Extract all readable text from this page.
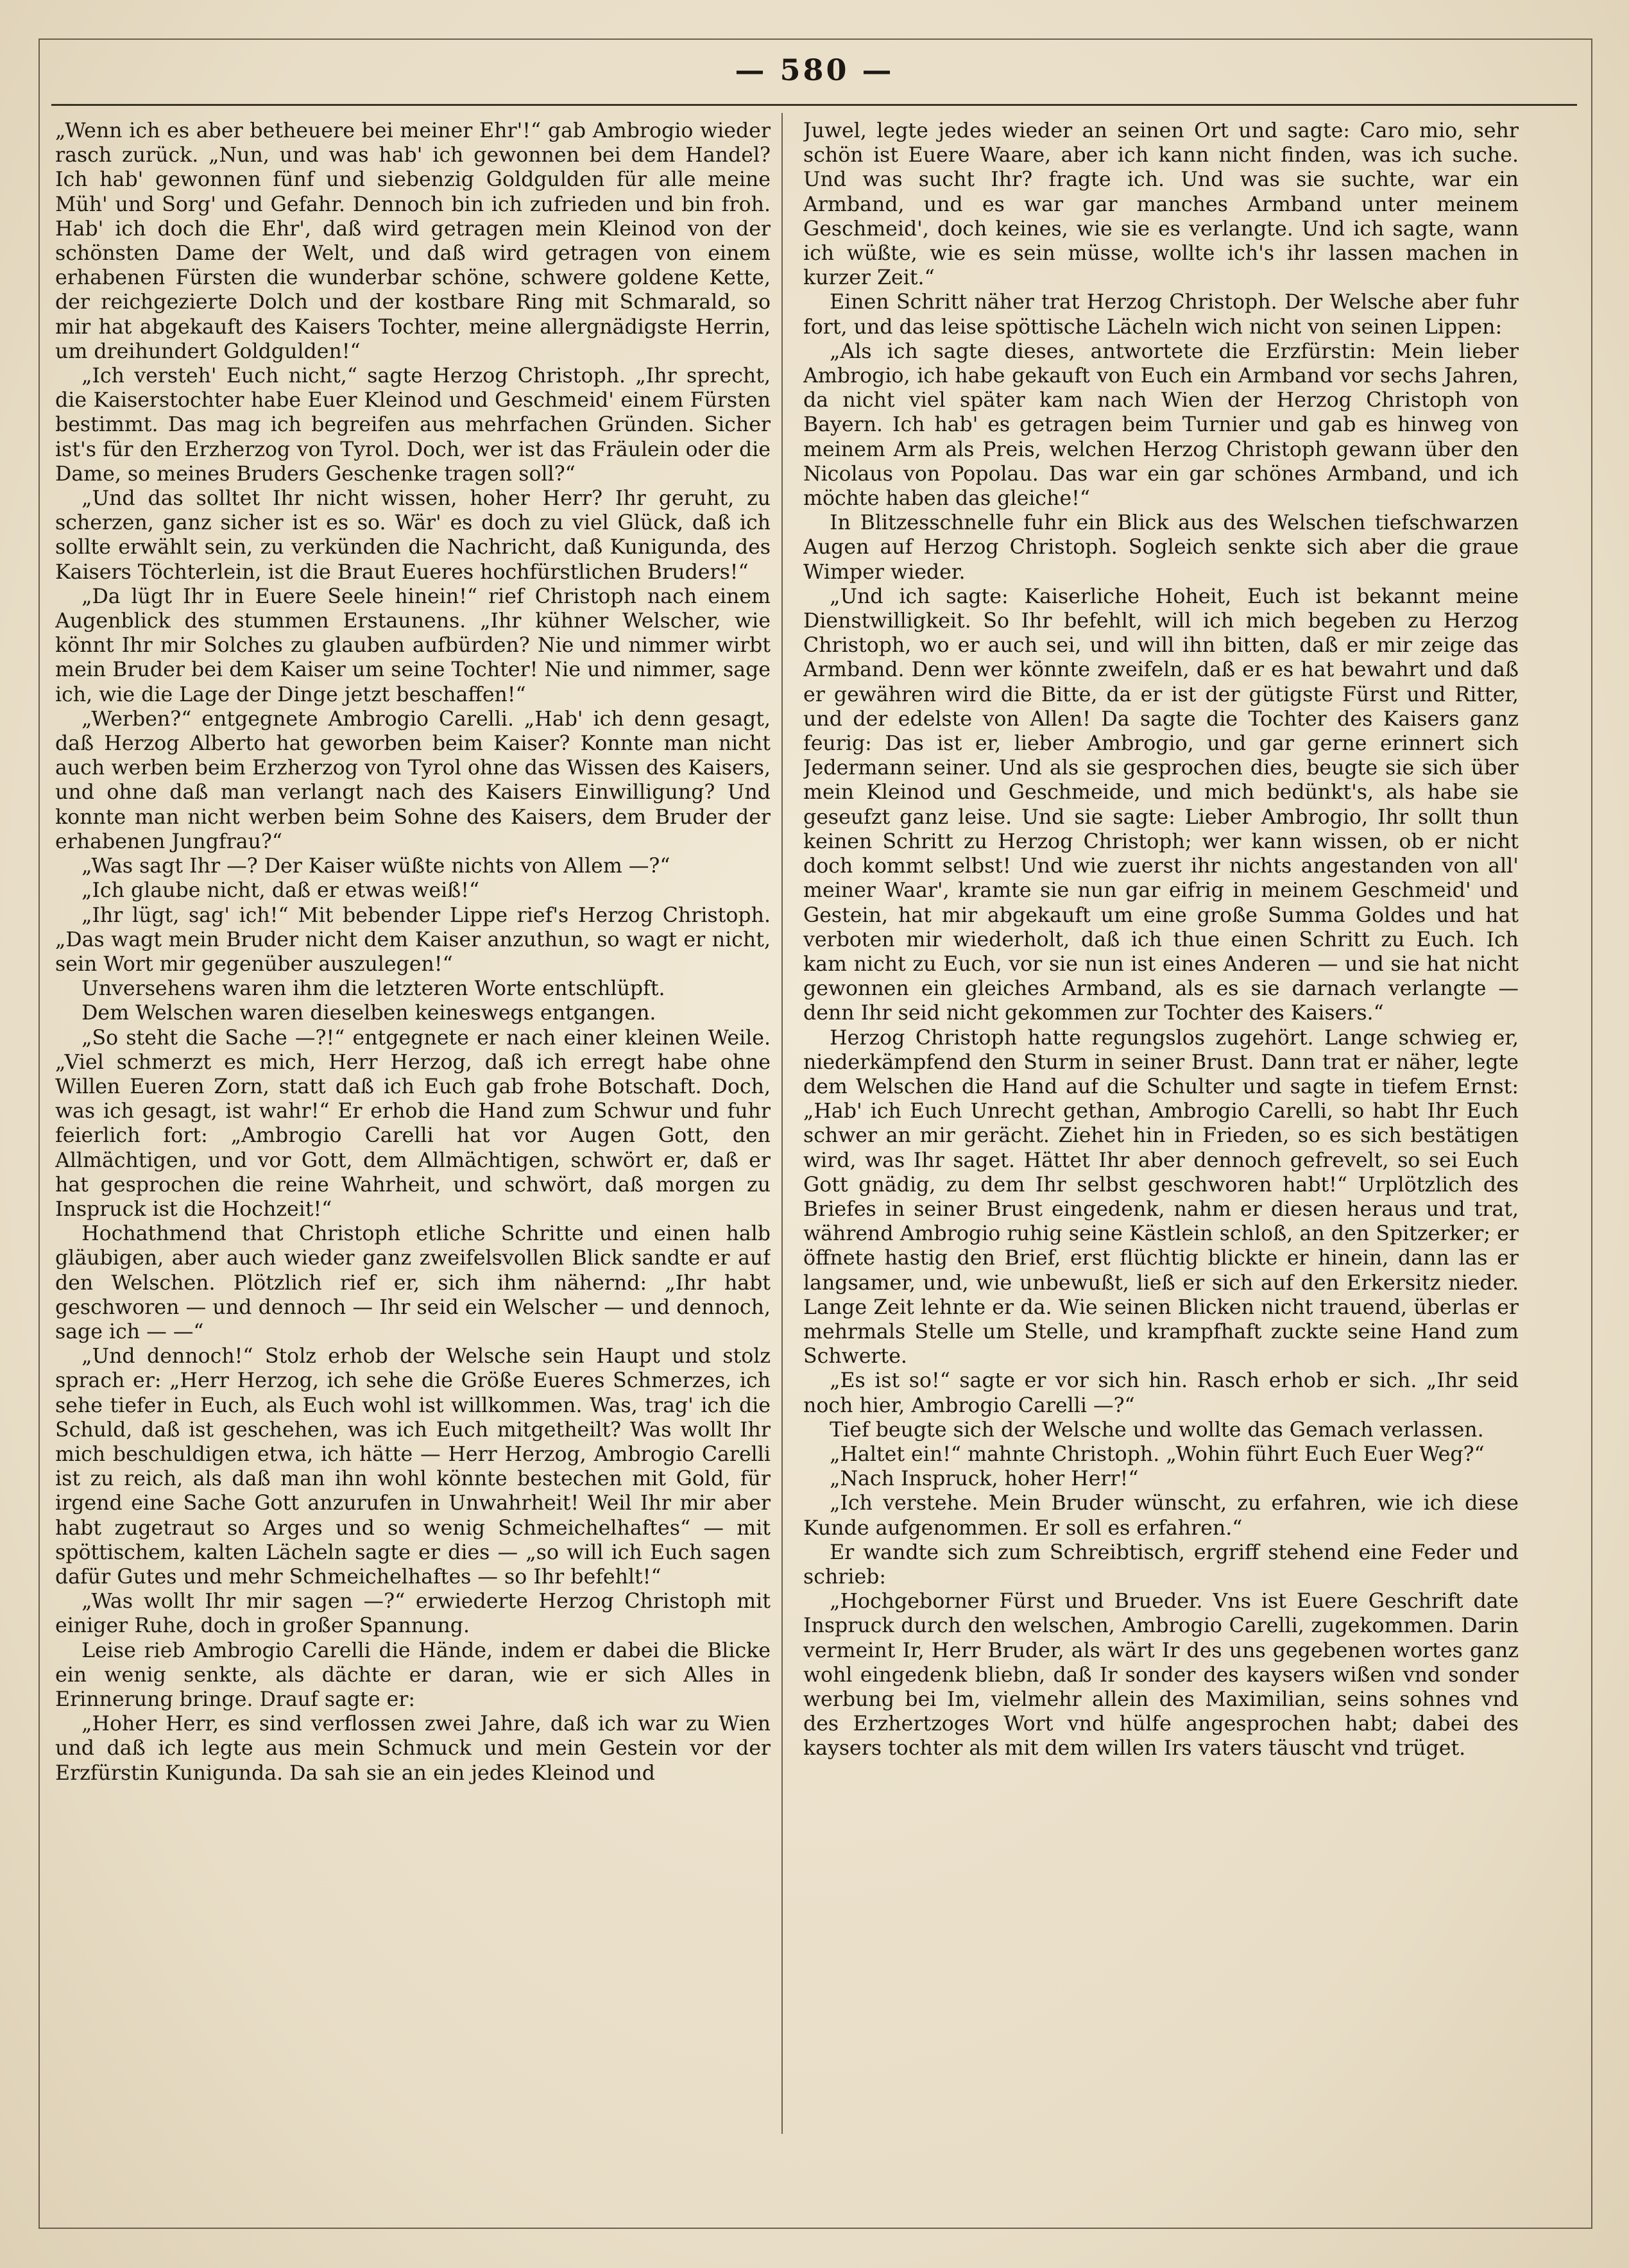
— 580 —

„Wenn ich es aber betheuere bei meiner Ehr'!“ gab Ambrogio wieder rasch zurück. „Nun, und was hab' ich gewonnen bei dem Handel? Ich hab' gewonnen fünf und siebenzig Goldgulden für alle meine Müh' und Sorg' und Gefahr. Dennoch bin ich zufrieden und bin froh. Hab' ich doch die Ehr', daß wird getragen mein Kleinod von der schönsten Dame der Welt, und daß wird getragen von einem erhabenen Fürsten die wunderbar schöne, schwere goldene Kette, der reichgezierte Dolch und der kostbare Ring mit Schmarald, so mir hat abgekauft des Kaisers Tochter, meine allergnädigste Herrin, um dreihundert Goldgulden!“

„Ich versteh' Euch nicht,“ sagte Herzog Christoph. „Ihr sprecht, die Kaiserstochter habe Euer Kleinod und Geschmeid' einem Fürsten bestimmt. Das mag ich begreifen aus mehrfachen Gründen. Sicher ist's für den Erzherzog von Tyrol. Doch, wer ist das Fräulein oder die Dame, so meines Bruders Geschenke tragen soll?“

„Und das solltet Ihr nicht wissen, hoher Herr? Ihr geruht, zu scherzen, ganz sicher ist es so. Wär' es doch zu viel Glück, daß ich sollte erwählt sein, zu verkünden die Nachricht, daß Kunigunda, des Kaisers Töchterlein, ist die Braut Eueres hochfürstlichen Bruders!“

„Da lügt Ihr in Euere Seele hinein!“ rief Christoph nach einem Augenblick des stummen Erstaunens. „Ihr kühner Welscher, wie könnt Ihr mir Solches zu glauben aufbürden? Nie und nimmer wirbt mein Bruder bei dem Kaiser um seine Tochter! Nie und nimmer, sage ich, wie die Lage der Dinge jetzt beschaffen!“

„Werben?“ entgegnete Ambrogio Carelli. „Hab' ich denn gesagt, daß Herzog Alberto hat geworben beim Kaiser? Konnte man nicht auch werben beim Erzherzog von Tyrol ohne das Wissen des Kaisers, und ohne daß man verlangt nach des Kaisers Einwilligung? Und konnte man nicht werben beim Sohne des Kaisers, dem Bruder der erhabenen Jungfrau?“

„Was sagt Ihr —? Der Kaiser wüßte nichts von Allem —?“

„Ich glaube nicht, daß er etwas weiß!“

„Ihr lügt, sag' ich!“ Mit bebender Lippe rief's Herzog Christoph. „Das wagt mein Bruder nicht dem Kaiser anzuthun, so wagt er nicht, sein Wort mir gegenüber auszulegen!“

Unversehens waren ihm die letzteren Worte entschlüpft.

Dem Welschen waren dieselben keineswegs entgangen.

„So steht die Sache —?!“ entgegnete er nach einer kleinen Weile. „Viel schmerzt es mich, Herr Herzog, daß ich erregt habe ohne Willen Eueren Zorn, statt daß ich Euch gab frohe Botschaft. Doch, was ich gesagt, ist wahr!“ Er erhob die Hand zum Schwur und fuhr feierlich fort: „Ambrogio Carelli hat vor Augen Gott, den Allmächtigen, und vor Gott, dem Allmächtigen, schwört er, daß er hat gesprochen die reine Wahrheit, und schwört, daß morgen zu Inspruck ist die Hochzeit!“

Hochathmend that Christoph etliche Schritte und einen halb gläubigen, aber auch wieder ganz zweifelsvollen Blick sandte er auf den Welschen. Plötzlich rief er, sich ihm nähernd: „Ihr habt geschworen — und dennoch — Ihr seid ein Welscher — und dennoch, sage ich — —“

„Und dennoch!“ Stolz erhob der Welsche sein Haupt und stolz sprach er: „Herr Herzog, ich sehe die Größe Eueres Schmerzes, ich sehe tiefer in Euch, als Euch wohl ist willkommen. Was, trag' ich die Schuld, daß ist geschehen, was ich Euch mitgetheilt? Was wollt Ihr mich beschuldigen etwa, ich hätte — Herr Herzog, Ambrogio Carelli ist zu reich, als daß man ihn wohl könnte bestechen mit Gold, für irgend eine Sache Gott anzurufen in Unwahrheit! Weil Ihr mir aber habt zugetraut so Arges und so wenig Schmeichelhaftes“ — mit spöttischem, kalten Lächeln sagte er dies — „so will ich Euch sagen dafür Gutes und mehr Schmeichelhaftes — so Ihr befehlt!“

„Was wollt Ihr mir sagen —?“ erwiederte Herzog Christoph mit einiger Ruhe, doch in großer Spannung.

Leise rieb Ambrogio Carelli die Hände, indem er dabei die Blicke ein wenig senkte, als dächte er daran, wie er sich Alles in Erinnerung bringe. Drauf sagte er:

„Hoher Herr, es sind verflossen zwei Jahre, daß ich war zu Wien und daß ich legte aus mein Schmuck und mein Gestein vor der Erzfürstin Kunigunda. Da sah sie an ein jedes Kleinod und

Juwel, legte jedes wieder an seinen Ort und sagte: Caro mio, sehr schön ist Euere Waare, aber ich kann nicht finden, was ich suche. Und was sucht Ihr? fragte ich. Und was sie suchte, war ein Armband, und es war gar manches Armband unter meinem Geschmeid', doch keines, wie sie es verlangte. Und ich sagte, wann ich wüßte, wie es sein müsse, wollte ich's ihr lassen machen in kurzer Zeit.“

Einen Schritt näher trat Herzog Christoph. Der Welsche aber fuhr fort, und das leise spöttische Lächeln wich nicht von seinen Lippen:

„Als ich sagte dieses, antwortete die Erzfürstin: Mein lieber Ambrogio, ich habe gekauft von Euch ein Armband vor sechs Jahren, da nicht viel später kam nach Wien der Herzog Christoph von Bayern. Ich hab' es getragen beim Turnier und gab es hinweg von meinem Arm als Preis, welchen Herzog Christoph gewann über den Nicolaus von Popolau. Das war ein gar schönes Armband, und ich möchte haben das gleiche!“

In Blitzesschnelle fuhr ein Blick aus des Welschen tiefschwarzen Augen auf Herzog Christoph. Sogleich senkte sich aber die graue Wimper wieder.

„Und ich sagte: Kaiserliche Hoheit, Euch ist bekannt meine Dienstwilligkeit. So Ihr befehlt, will ich mich begeben zu Herzog Christoph, wo er auch sei, und will ihn bitten, daß er mir zeige das Armband. Denn wer könnte zweifeln, daß er es hat bewahrt und daß er gewähren wird die Bitte, da er ist der gütigste Fürst und Ritter, und der edelste von Allen! Da sagte die Tochter des Kaisers ganz feurig: Das ist er, lieber Ambrogio, und gar gerne erinnert sich Jedermann seiner. Und als sie gesprochen dies, beugte sie sich über mein Kleinod und Geschmeide, und mich bedünkt's, als habe sie geseufzt ganz leise. Und sie sagte: Lieber Ambrogio, Ihr sollt thun keinen Schritt zu Herzog Christoph; wer kann wissen, ob er nicht doch kommt selbst! Und wie zuerst ihr nichts angestanden von all' meiner Waar', kramte sie nun gar eifrig in meinem Geschmeid' und Gestein, hat mir abgekauft um eine große Summa Goldes und hat verboten mir wiederholt, daß ich thue einen Schritt zu Euch. Ich kam nicht zu Euch, vor sie nun ist eines Anderen — und sie hat nicht gewonnen ein gleiches Armband, als es sie darnach verlangte — denn Ihr seid nicht gekommen zur Tochter des Kaisers.“

Herzog Christoph hatte regungslos zugehört. Lange schwieg er, niederkämpfend den Sturm in seiner Brust. Dann trat er näher, legte dem Welschen die Hand auf die Schulter und sagte in tiefem Ernst: „Hab' ich Euch Unrecht gethan, Ambrogio Carelli, so habt Ihr Euch schwer an mir gerächt. Ziehet hin in Frieden, so es sich bestätigen wird, was Ihr saget. Hättet Ihr aber dennoch gefrevelt, so sei Euch Gott gnädig, zu dem Ihr selbst geschworen habt!“ Urplötzlich des Briefes in seiner Brust eingedenk, nahm er diesen heraus und trat, während Ambrogio ruhig seine Kästlein schloß, an den Spitzerker; er öffnete hastig den Brief, erst flüchtig blickte er hinein, dann las er langsamer, und, wie unbewußt, ließ er sich auf den Erkersitz nieder. Lange Zeit lehnte er da. Wie seinen Blicken nicht trauend, überlas er mehrmals Stelle um Stelle, und krampfhaft zuckte seine Hand zum Schwerte.

„Es ist so!“ sagte er vor sich hin. Rasch erhob er sich. „Ihr seid noch hier, Ambrogio Carelli —?“

Tief beugte sich der Welsche und wollte das Gemach verlassen.

„Haltet ein!“ mahnte Christoph. „Wohin führt Euch Euer Weg?“

„Nach Inspruck, hoher Herr!“

„Ich verstehe. Mein Bruder wünscht, zu erfahren, wie ich diese Kunde aufgenommen. Er soll es erfahren.“

Er wandte sich zum Schreibtisch, ergriff stehend eine Feder und schrieb:

„Hochgeborner Fürst und Brueder. Vns ist Euere Geschrift date Inspruck durch den welschen, Ambrogio Carelli, zugekommen. Darin vermeint Ir, Herr Bruder, als wärt Ir des uns gegebenen wortes ganz wohl eingedenk bliebn, daß Ir sonder des kaysers wißen vnd sonder werbung bei Im, vielmehr allein des Maximilian, seins sohnes vnd des Erzhertzoges Wort vnd hülfe angesprochen habt; dabei des kaysers tochter als mit dem willen Irs vaters täuscht vnd trüget.
